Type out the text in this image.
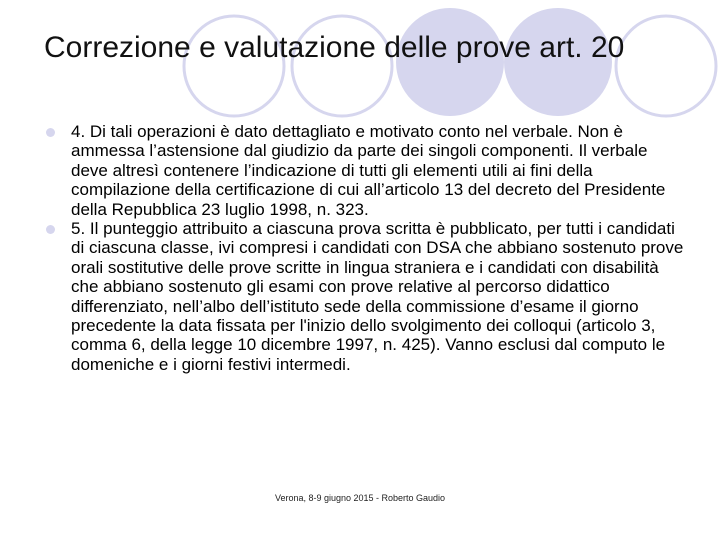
Correzione e valutazione delle prove art. 20
4. Di tali operazioni è dato dettagliato e motivato conto nel verbale. Non è ammessa l’astensione dal giudizio da parte dei singoli componenti. Il verbale deve altresì contenere l’indicazione di tutti gli elementi utili ai fini della compilazione della certificazione di cui all’articolo 13 del decreto del Presidente della Repubblica 23 luglio 1998, n. 323.
5. Il punteggio attribuito a ciascuna prova scritta è pubblicato, per tutti i candidati di ciascuna classe, ivi compresi i candidati con DSA che abbiano sostenuto prove orali sostitutive delle prove scritte in lingua straniera e i candidati con disabilità che abbiano sostenuto gli esami con prove relative al percorso didattico differenziato, nell’albo dell’istituto sede della commissione d’esame il giorno precedente la data fissata per l'inizio dello svolgimento dei colloqui (articolo 3, comma 6, della legge 10 dicembre 1997, n. 425). Vanno esclusi dal computo le domeniche e i giorni festivi intermedi.
Verona, 8-9 giugno 2015 - Roberto Gaudio
